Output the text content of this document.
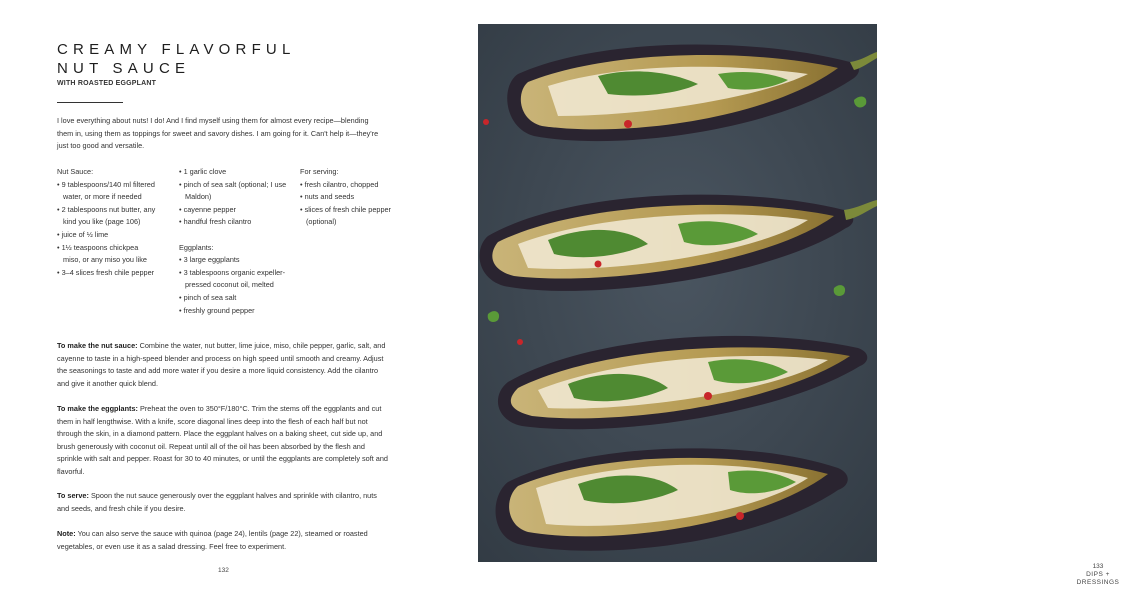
CREAMY FLAVORFUL
NUT SAUCE
WITH ROASTED EGGPLANT
I love everything about nuts! I do! And I find myself using them for almost every recipe—blending
them in, using them as toppings for sweet and savory dishes. I am going for it. Can't help it—they're
just too good and versatile.
Nut Sauce:
• 9 tablespoons/140 ml filtered water, or more if needed
• 2 tablespoons nut butter, any kind you like (page 106)
• juice of ½ lime
• 1½ teaspoons chickpea miso, or any miso you like
• 3–4 slices fresh chile pepper
• 1 garlic clove
• pinch of sea salt (optional; I use Maldon)
• cayenne pepper
• handful fresh cilantro
Eggplants:
• 3 large eggplants
• 3 tablespoons organic expeller-pressed coconut oil, melted
• pinch of sea salt
• freshly ground pepper
For serving:
• fresh cilantro, chopped
• nuts and seeds
• slices of fresh chile pepper (optional)

To make the nut sauce: Combine the water, nut butter, lime juice, miso, chile pepper, garlic, salt, and cayenne to taste in a high-speed blender and process on high speed until smooth and creamy. Adjust the seasonings to taste and add more water if you desire a more liquid consistency. Add the cilantro and give it another quick blend.

To make the eggplants: Preheat the oven to 350°F/180°C. Trim the stems off the eggplants and cut them in half lengthwise. With a knife, score diagonal lines deep into the flesh of each half but not through the skin, in a diamond pattern. Place the eggplant halves on a baking sheet, cut side up, and brush generously with coconut oil. Repeat until all of the oil has been absorbed by the flesh and sprinkle with salt and pepper. Roast for 30 to 40 minutes, or until the eggplants are completely soft and flavorful.

To serve: Spoon the nut sauce generously over the eggplant halves and sprinkle with cilantro, nuts and seeds, and fresh chile if you desire.

Note: You can also serve the sauce with quinoa (page 24), lentils (page 22), steamed or roasted vegetables, or even use it as a salad dressing. Feel free to experiment.

132
133
DIPS + DRESSINGS
